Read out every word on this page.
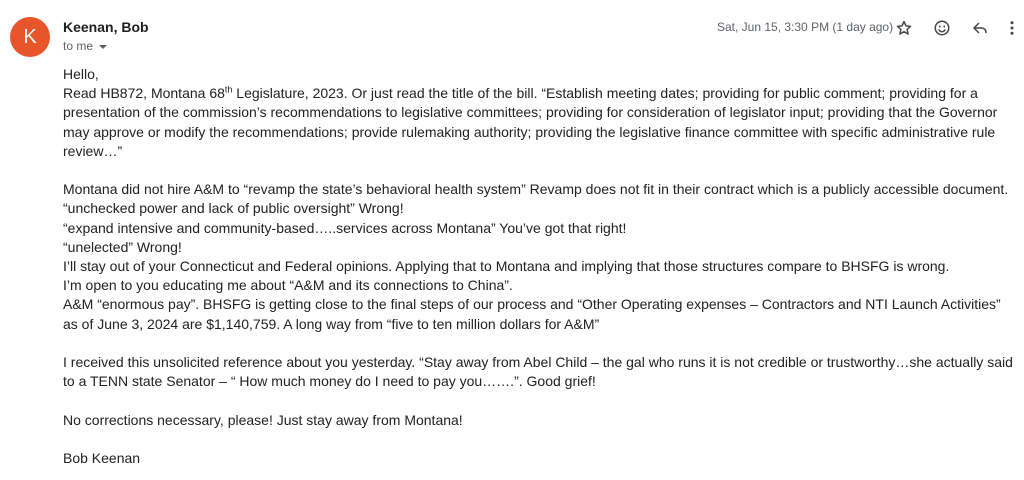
K	Keenan, Bob
to me
Sat, Jun 15, 3:30 PM (1 day ago)

Hello,

Read HB872, Montana 68th Legislature, 2023. Or just read the title of the bill. “Establish meeting dates; providing for public comment; providing for a presentation of the commission’s recommendations to legislative committees; providing for consideration of legislator input; providing that the Governor may approve or modify the recommendations; provide rulemaking authority; providing the legislative finance committee with specific administrative rule review…”

Montana did not hire A&M to “revamp the state’s behavioral health system” Revamp does not fit in their contract which is a publicly accessible document.

“unchecked power and lack of public oversight” Wrong!

“expand intensive and community-based…..services across Montana” You’ve got that right!

“unelected” Wrong!

I’ll stay out of your Connecticut and Federal opinions. Applying that to Montana and implying that those structures compare to BHSFG is wrong.

I’m open to you educating me about “A&M and its connections to China”.

A&M “enormous pay”. BHSFG is getting close to the final steps of our process and “Other Operating expenses – Contractors and NTI Launch Activities” as of June 3, 2024 are $1,140,759. A long way from “five to ten million dollars for A&M”

I received this unsolicited reference about you yesterday. “Stay away from Abel Child – the gal who runs it is not credible or trustworthy…she actually said to a TENN state Senator – “ How much money do I need to pay you…….”. Good grief!

No corrections necessary, please! Just stay away from Montana!

Bob Keenan
